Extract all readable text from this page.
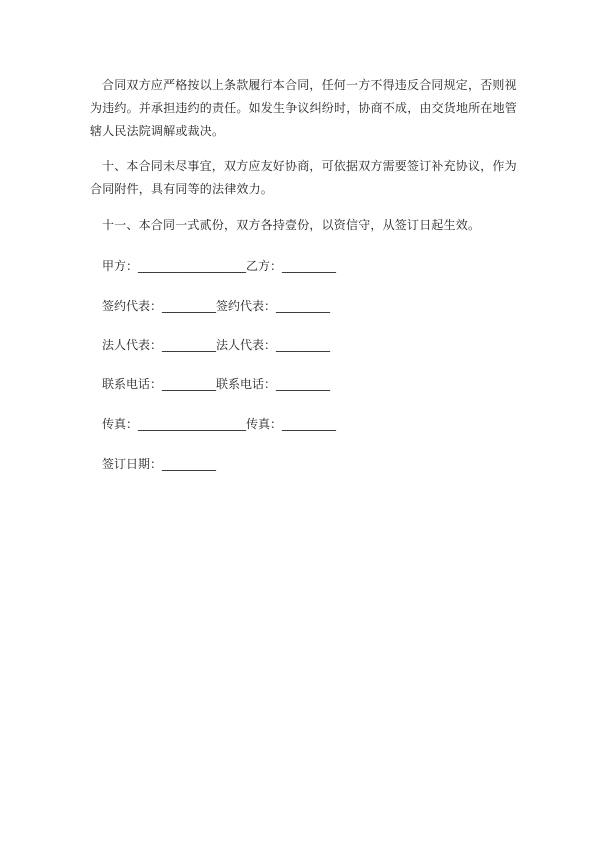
合同双方应严格按以上条款履行本合同，任何一方不得违反合同规定，否则视为违约。并承担违约的责任。如发生争议纠纷时，协商不成，由交货地所在地管辖人民法院调解或裁决。

十、本合同未尽事宜，双方应友好协商，可依据双方需要签订补充协议，作为合同附件，具有同等的法律效力。

十一、本合同一式贰份，双方各持壹份，以资信守，从签订日起生效。

甲方：__________________乙方：_________

签约代表：_________签约代表：_________

法人代表：_________法人代表：_________

联系电话：_________联系电话：_________

传真：__________________传真：_________

签订日期：_________
